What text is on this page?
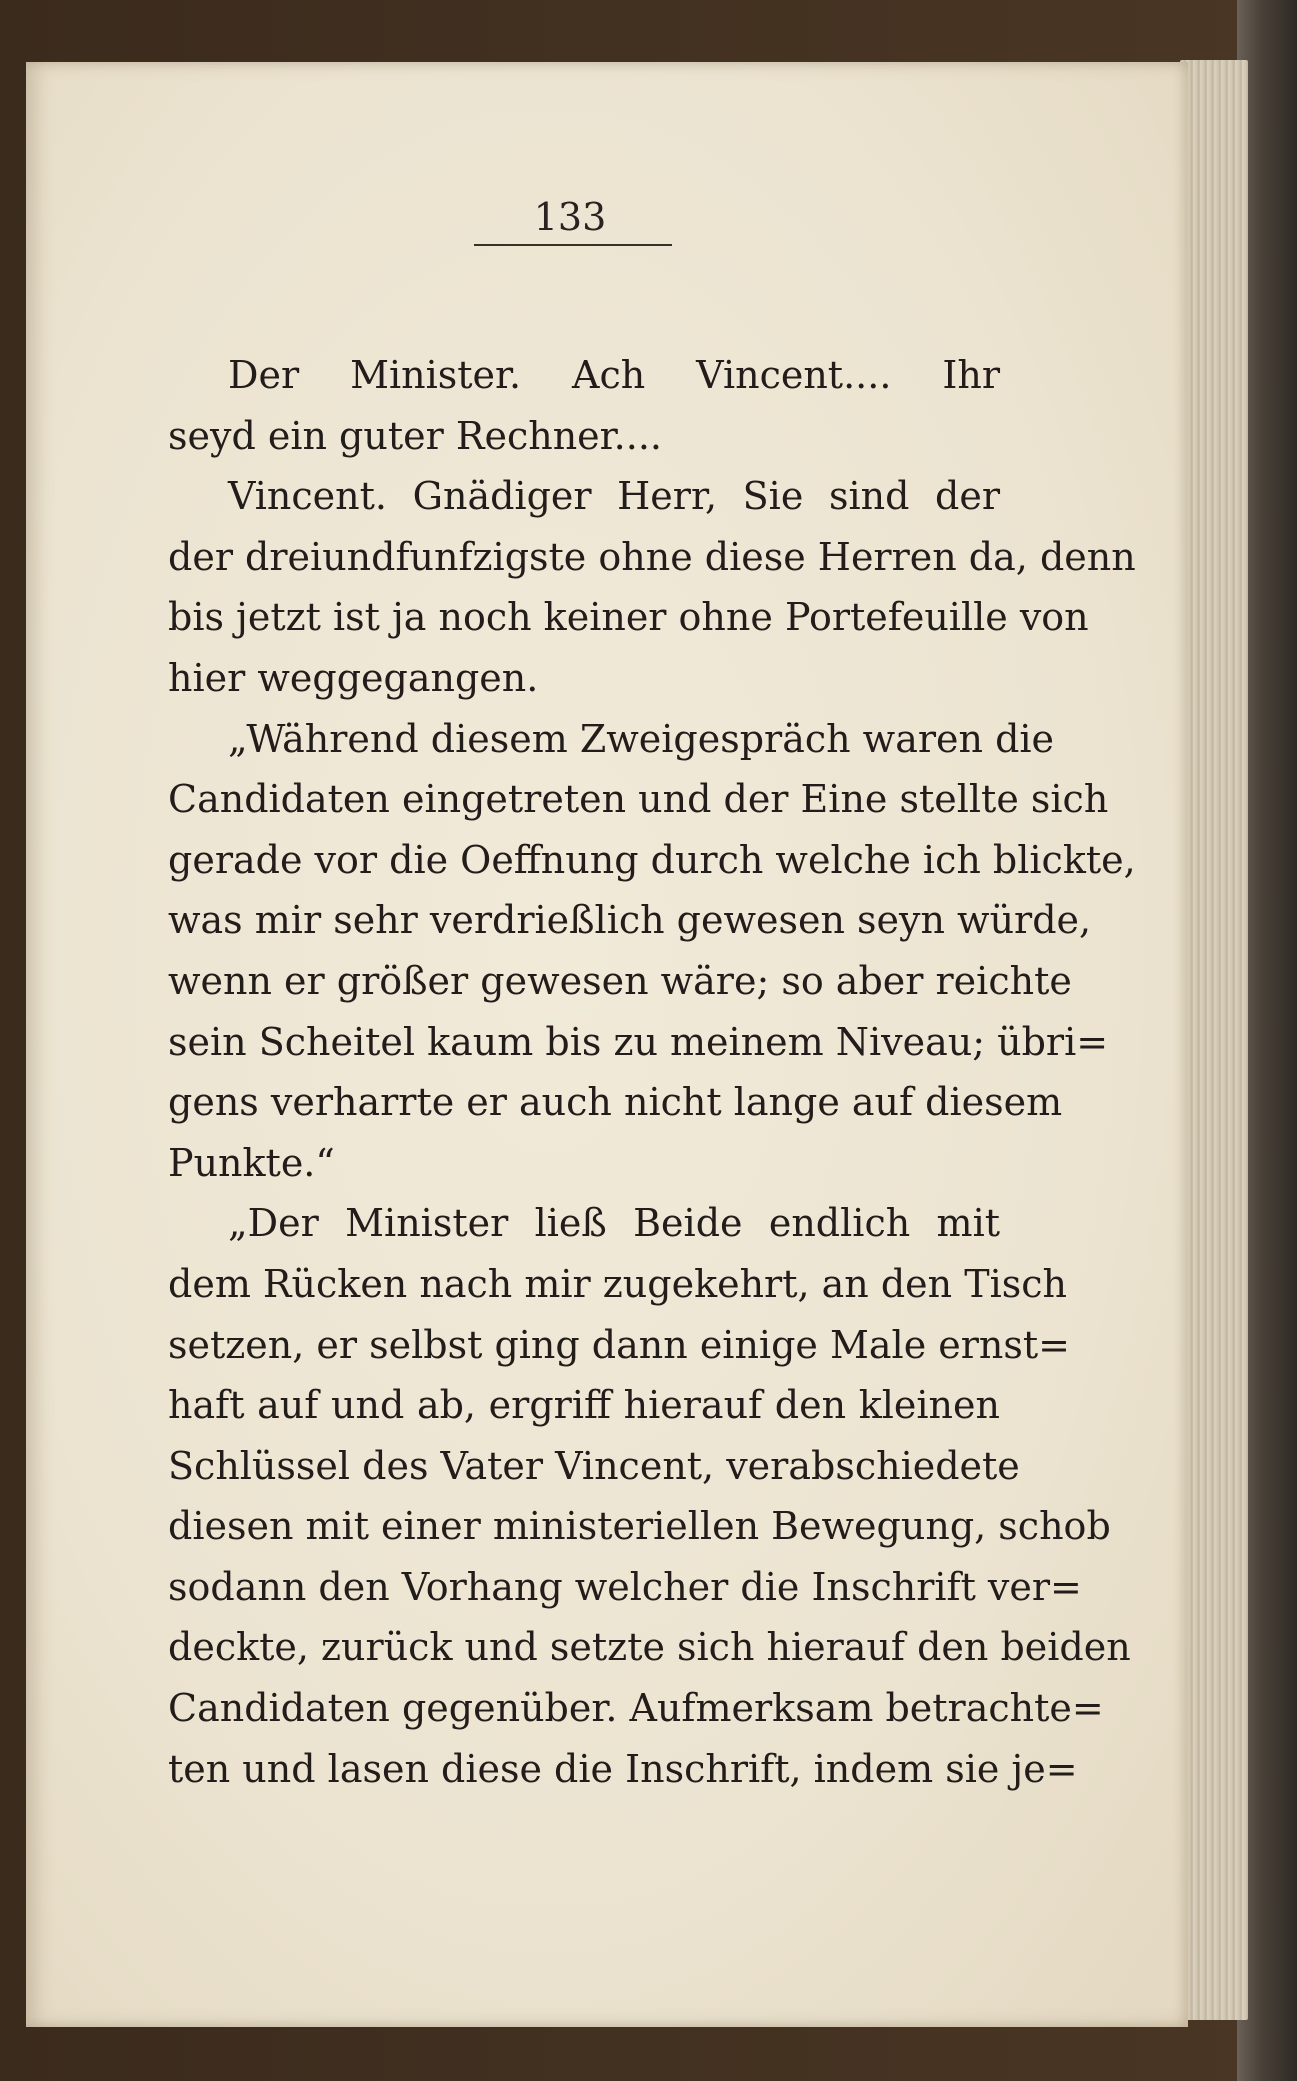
133
Der Minister. Ach Vincent.... Ihr
seyd ein guter Rechner....
Vincent. Gnädiger Herr, Sie sind der
der dreiundfunfzigste ohne diese Herren da, denn
bis jetzt ist ja noch keiner ohne Portefeuille von
hier weggegangen.
„Während diesem Zweigespräch waren die
Candidaten eingetreten und der Eine stellte sich
gerade vor die Oeffnung durch welche ich blickte,
was mir sehr verdrießlich gewesen seyn würde,
wenn er größer gewesen wäre; so aber reichte
sein Scheitel kaum bis zu meinem Niveau; übri=
gens verharrte er auch nicht lange auf diesem
Punkte.“
„Der Minister ließ Beide endlich mit
dem Rücken nach mir zugekehrt, an den Tisch
setzen, er selbst ging dann einige Male ernst=
haft auf und ab, ergriff hierauf den kleinen
Schlüssel des Vater Vincent, verabschiedete
diesen mit einer ministeriellen Bewegung, schob
sodann den Vorhang welcher die Inschrift ver=
deckte, zurück und setzte sich hierauf den beiden
Candidaten gegenüber. Aufmerksam betrachte=
ten und lasen diese die Inschrift, indem sie je=
